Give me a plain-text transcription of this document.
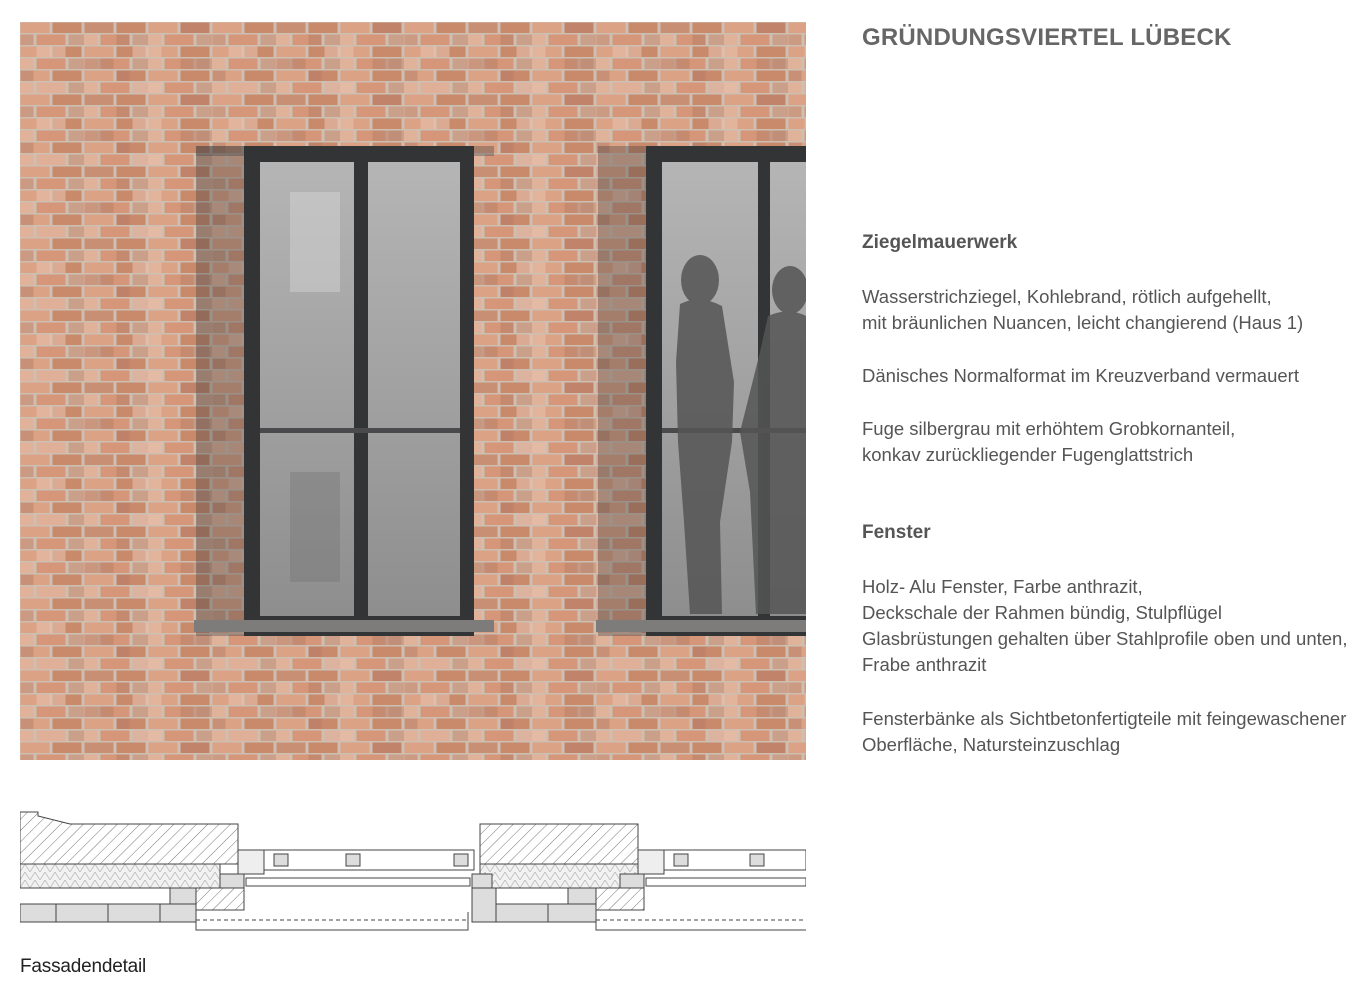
Fassadendetail
GRÜNDUNGSVIERTEL LÜBECK
Ziegelmauerwerk
Wasserstrichziegel, Kohlebrand, rötlich aufgehellt,
mit bräunlichen Nuancen, leicht changierend (Haus 1)
Dänisches Normalformat im Kreuzverband vermauert
Fuge silbergrau mit erhöhtem Grobkornanteil,
konkav zurückliegender Fugenglattstrich
Fenster
Holz- Alu Fenster, Farbe anthrazit,
Deckschale der Rahmen bündig, Stulpflügel
Glasbrüstungen gehalten über Stahlprofile oben und unten,
Frabe anthrazit
Fensterbänke als Sichtbetonfertigteile mit feingewaschener
Oberfläche, Natursteinzuschlag
